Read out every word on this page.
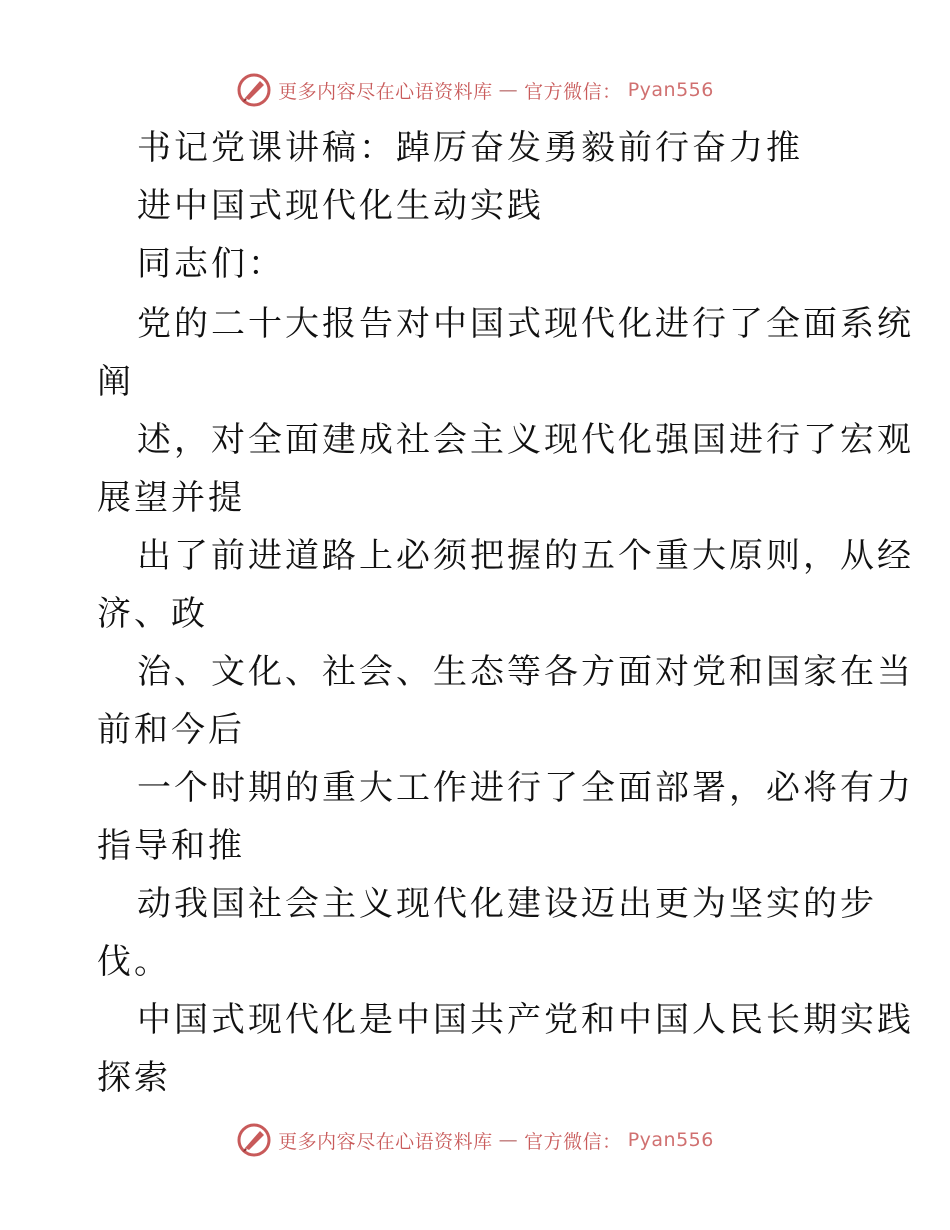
更多内容尽在心语资料库 — 官方微信： Pyan556
书记党课讲稿：踔厉奋发勇毅前行奋力推
进中国式现代化生动实践
同志们：
党的二十大报告对中国式现代化进行了全面系统
阐
述，对全面建成社会主义现代化强国进行了宏观
展望并提
出了前进道路上必须把握的五个重大原则，从经
济、政
治、文化、社会、生态等各方面对党和国家在当
前和今后
一个时期的重大工作进行了全面部署，必将有力
指导和推
动我国社会主义现代化建设迈出更为坚实的步
伐。
中国式现代化是中国共产党和中国人民长期实践
探索
更多内容尽在心语资料库 — 官方微信： Pyan556
